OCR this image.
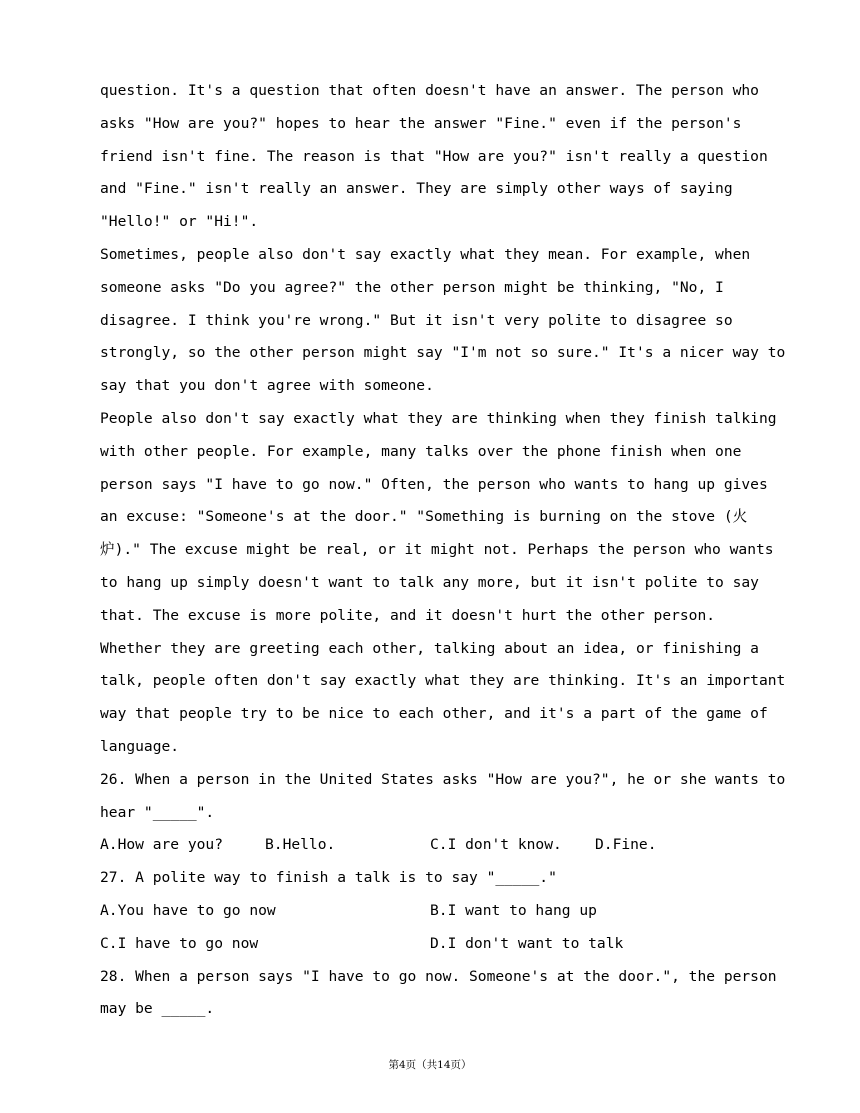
question. It's a question that often doesn't have an answer. The person who
asks "How are you?" hopes to hear the answer "Fine." even if the person's
friend isn't fine. The reason is that "How are you?" isn't really a question
and "Fine." isn't really an answer. They are simply other ways of saying
"Hello!" or "Hi!".
Sometimes, people also don't say exactly what they mean. For example, when
someone asks "Do you agree?" the other person might be thinking, "No, I
disagree. I think you're wrong." But it isn't very polite to disagree so
strongly, so the other person might say "I'm not so sure." It's a nicer way to
say that you don't agree with someone.
People also don't say exactly what they are thinking when they finish talking
with other people. For example, many talks over the phone finish when one
person says "I have to go now." Often, the person who wants to hang up gives
an excuse: "Someone's at the door." "Something is burning on the stove (火
炉)." The excuse might be real, or it might not. Perhaps the person who wants
to hang up simply doesn't want to talk any more, but it isn't polite to say
that. The excuse is more polite, and it doesn't hurt the other person.
Whether they are greeting each other, talking about an idea, or finishing a
talk, people often don't say exactly what they are thinking. It's an important
way that people try to be nice to each other, and it's a part of the game of
language.
26. When a person in the United States asks "How are you?", he or she wants to
hear "_____".
A.How are you?	B.Hello.	C.I don't know.	D.Fine.
27. A polite way to finish a talk is to say "_____."
A.You have to go now	B.I want to hang up
C.I have to go now	D.I don't want to talk
28. When a person says "I have to go now. Someone's at the door.", the person
may be _____.
第4页（共14页）
